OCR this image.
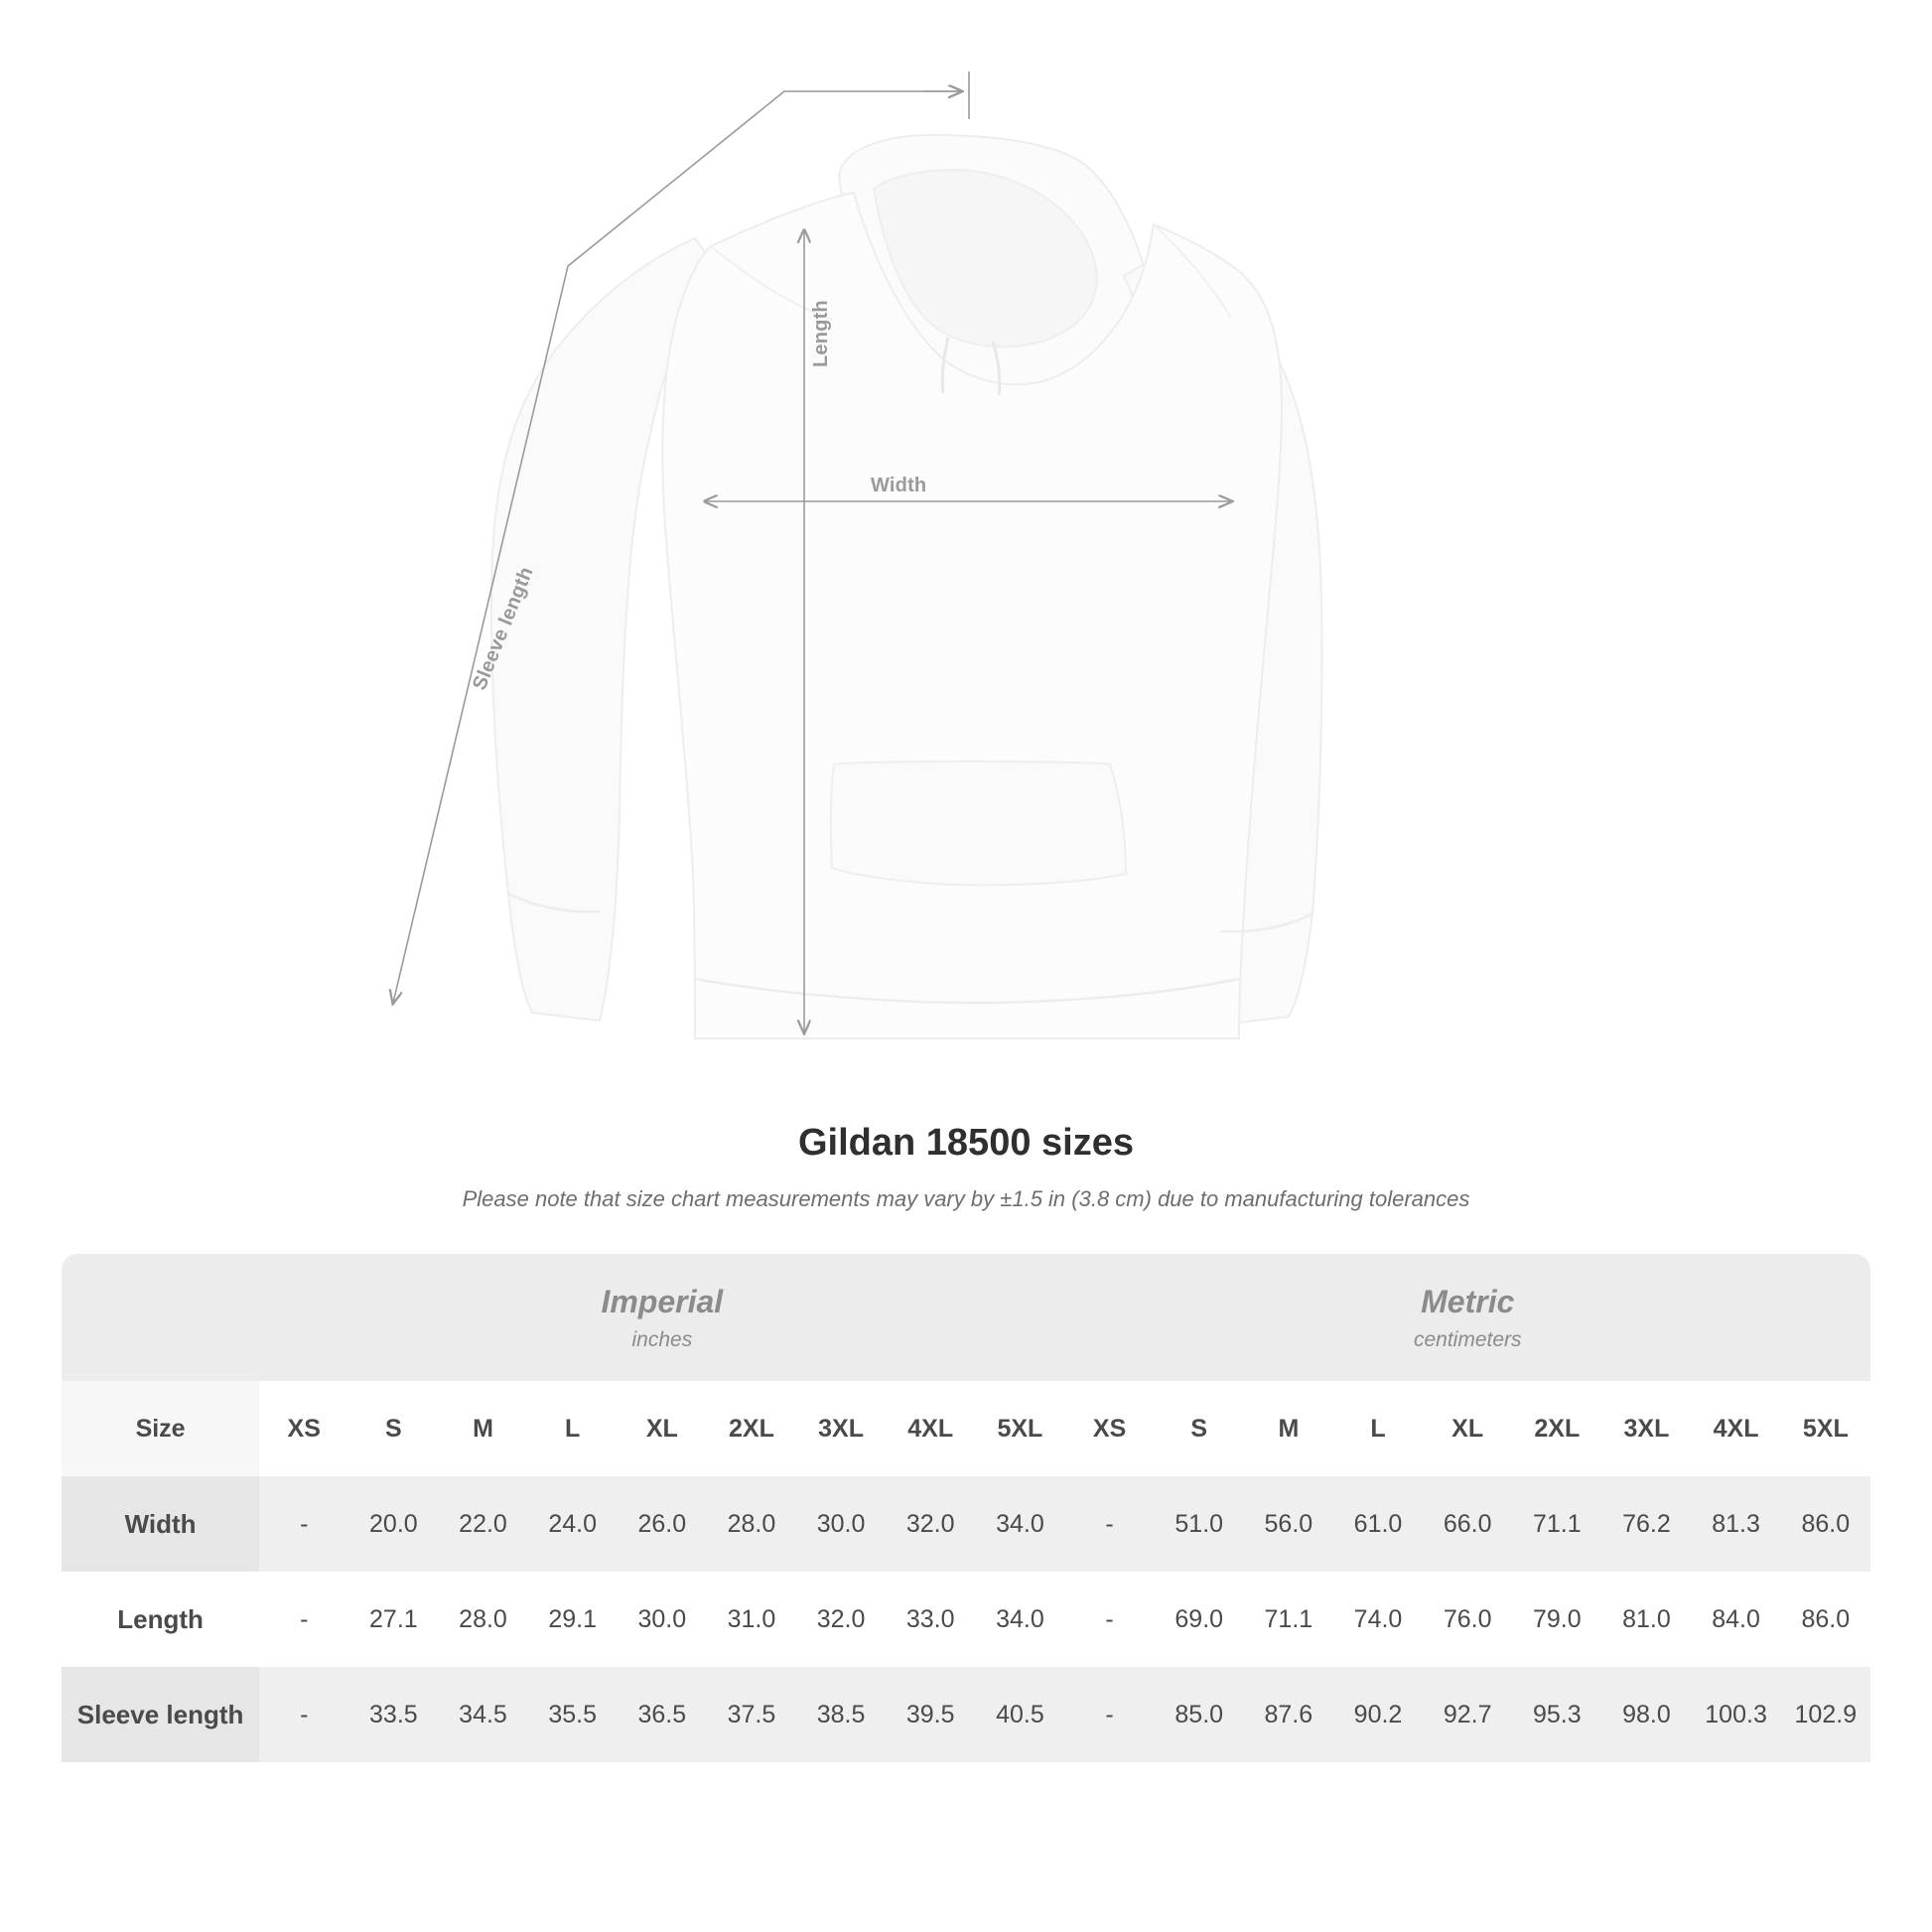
Length
Width
Sleeve length
Gildan 18500 sizes

Please note that size chart measurements may vary by ±1.5 in (3.8 cm) due to manufacturing tolerances

	Imperial
inches									Metric
centimeters								

Size	XS	S	M	L	XL	2XL	3XL	4XL	5XL	XS	S	M	L	XL	2XL	3XL	4XL	5XL
Width	-	20.0	22.0	24.0	26.0	28.0	30.0	32.0	34.0	-	51.0	56.0	61.0	66.0	71.1	76.2	81.3	86.0
Length	-	27.1	28.0	29.1	30.0	31.0	32.0	33.0	34.0	-	69.0	71.1	74.0	76.0	79.0	81.0	84.0	86.0
Sleeve length	-	33.5	34.5	35.5	36.5	37.5	38.5	39.5	40.5	-	85.0	87.6	90.2	92.7	95.3	98.0	100.3	102.9
